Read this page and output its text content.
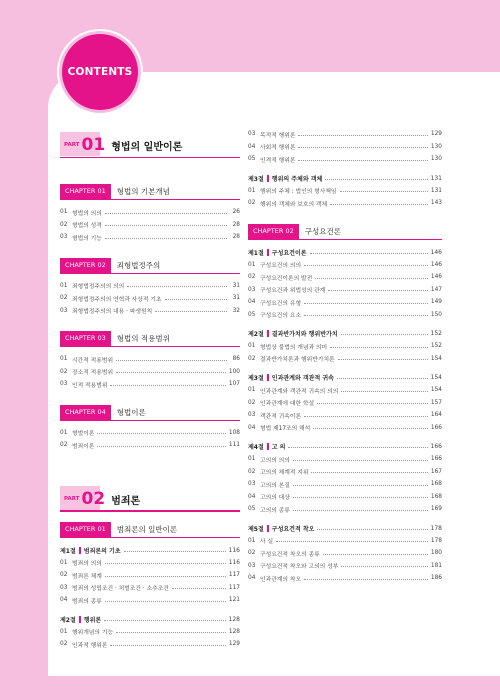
CONTENTS
PART 01 형법의 일반이론
CHAPTER 01	형법의 기본개념
01 형법의 의의	26
02 형법의 성격	28
03 형법의 기능	28
CHAPTER 02	죄형법정주의
01 죄형법정주의의 의의	31
02 죄형법정주의의 연혁과 사상적 기초	31
03 죄형법정주의의 내용 · 파생원칙	32
CHAPTER 03	형법의 적용범위
01 시간적 적용범위	86
02 장소적 적용범위	100
03 인적 적용범위	107
CHAPTER 04	형법이론
01 형벌이론	108
02 범죄이론	111
PART 02 범죄론
CHAPTER 01	범죄론의 일반이론
제1절 범죄론의 기초	116
01 범죄의 의의	116
02 범죄론 체계	117
03 범죄의 성립조건 · 처벌조건 · 소추조건	117
04 범죄의 종류	121
제2절 행위론	128
01 행위개념의 기능	128
02 인과적 행위론	129
03 목적적 행위론	129
04 사회적 행위론	130
05 인격적 행위론	130
제3절 행위의 주체와 객체	131
01 행위의 주체 : 법인의 형사책임	131
02 행위의 객체와 보호의 객체	143
CHAPTER 02	구성요건론
제1절 구성요건이론	146
01 구성요건의 의의	146
02 구성요건이론의 발전	146
03 구성요건과 위법성의 관계	147
04 구성요건의 유형	149
05 구성요건의 요소	150
제2절 결과반가치와 행위반가치	152
01 형법상 불법의 개념과 의미	152
02 결과반가치론과 행위반가치론	154
제3절 인과관계와 객관적 귀속	154
01 인과관계와 객관적 귀속의 의의	154
02 인과관계에 대한 학설	157
03 객관적 귀속이론	164
04 형법 제17조의 해석	166
제4절 고 의	166
01 고의의 의의	166
02 고의의 체계적 지위	167
03 고의의 본질	168
04 고의의 대상	168
05 고의의 종류	169
제5절 구성요건적 착오	178
01 사 실	178
02 구성요건적 착오의 종류	180
03 구성요건적 착오와 고의의 성부	181
04 인과관계의 착오	186
